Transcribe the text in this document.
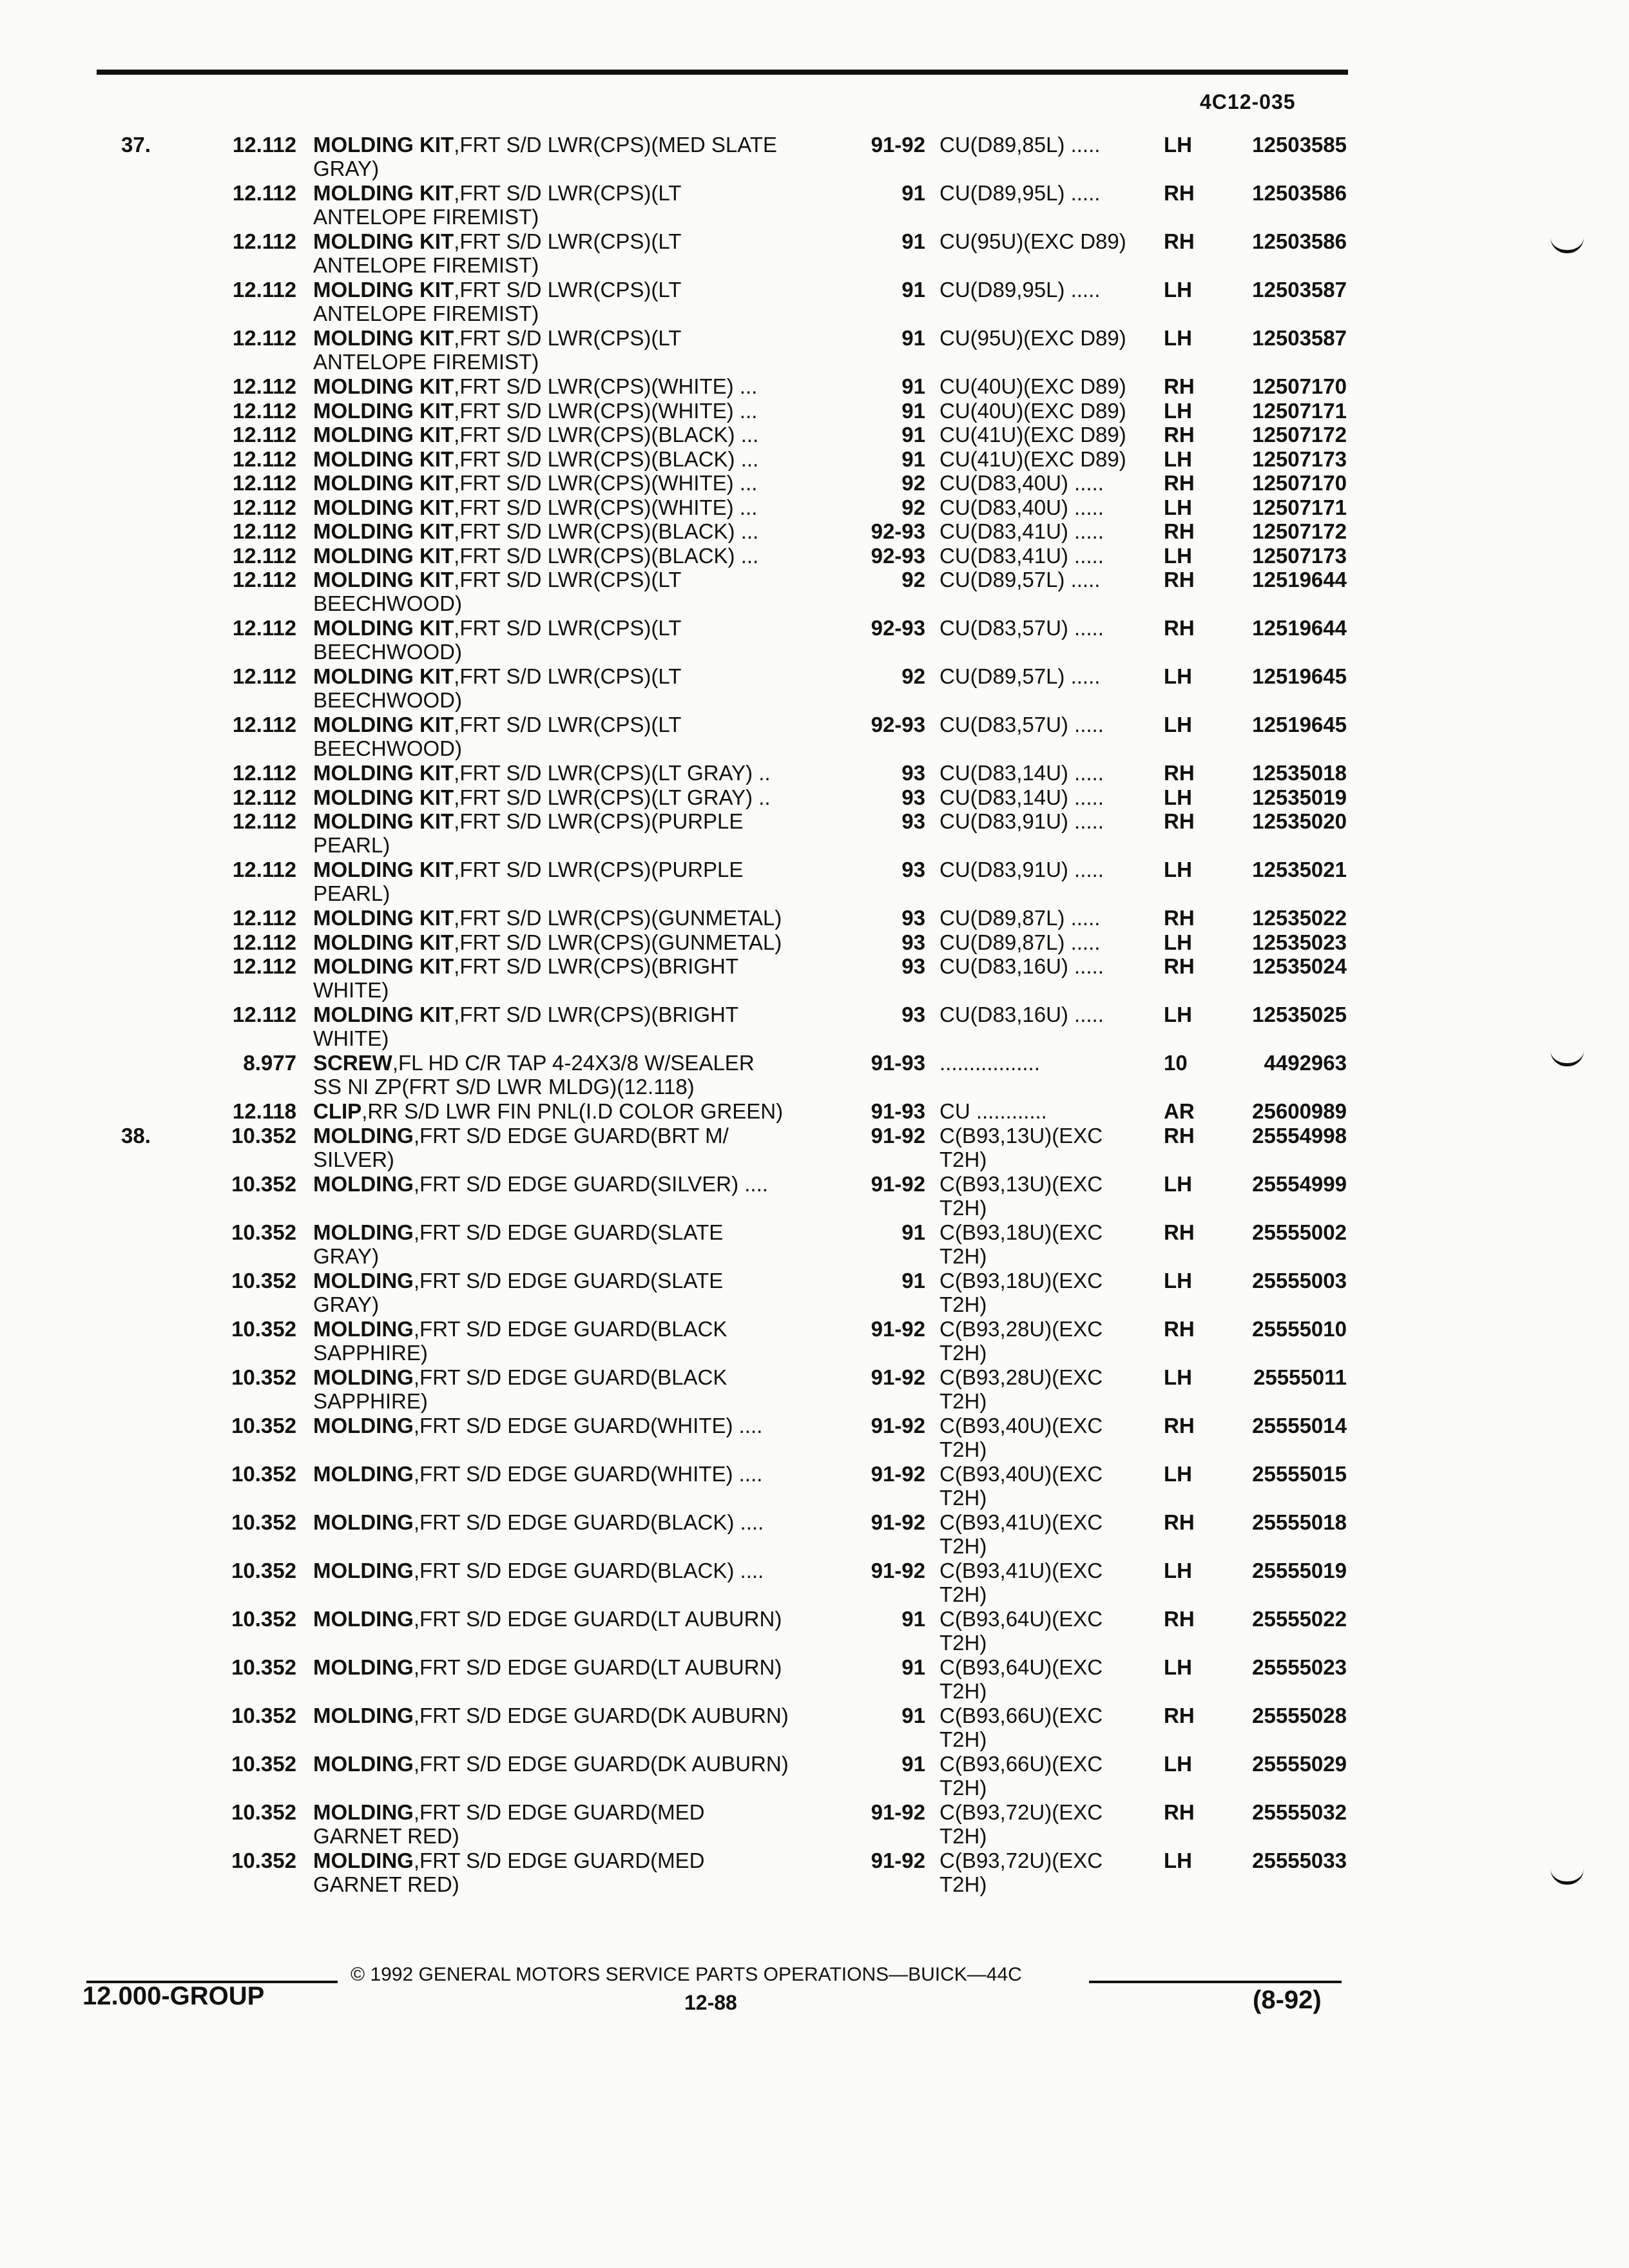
4C12-035
37.	12.112 MOLDING KIT,FRT S/D LWR(CPS)(MED SLATE
GRAY)
91-92 CU(D89,85L) .....	LH	12503585
12.112 MOLDING KIT,FRT S/D LWR(CPS)(LT
ANTELOPE FIREMIST)
91 CU(D89,95L) .....	RH	12503586
12.112 MOLDING KIT,FRT S/D LWR(CPS)(LT
ANTELOPE FIREMIST)
91 CU(95U)(EXC D89) RH	12503586
12.112 MOLDING KIT,FRT S/D LWR(CPS)(LT
ANTELOPE FIREMIST)
91 CU(D89,95L) .....	LH	12503587
12.112 MOLDING KIT,FRT S/D LWR(CPS)(LT
ANTELOPE FIREMIST)
91 CU(95U)(EXC D89) LH	12503587
12.112 MOLDING KIT,FRT S/D LWR(CPS)(WHITE) ...	91 CU(40U)(EXC D89) RH	12507170
12.112 MOLDING KIT,FRT S/D LWR(CPS)(WHITE) ...	91 CU(40U)(EXC D89) LH	12507171
12.112 MOLDING KIT,FRT S/D LWR(CPS)(BLACK) ...	91 CU(41U)(EXC D89) RH	12507172
12.112 MOLDING KIT,FRT S/D LWR(CPS)(BLACK) ...	91 CU(41U)(EXC D89) LH	12507173
12.112 MOLDING KIT,FRT S/D LWR(CPS)(WHITE) ...	92 CU(D83,40U) .....	RH	12507170
12.112 MOLDING KIT,FRT S/D LWR(CPS)(WHITE) ...	92 CU(D83,40U) .....	LH	12507171
12.112 MOLDING KIT,FRT S/D LWR(CPS)(BLACK) ...	92-93 CU(D83,41U) .....	RH	12507172
12.112 MOLDING KIT,FRT S/D LWR(CPS)(BLACK) ...	92-93 CU(D83,41U) .....	LH	12507173
12.112 MOLDING KIT,FRT S/D LWR(CPS)(LT
BEECHWOOD)
92 CU(D89,57L) .....	RH	12519644
12.112 MOLDING KIT,FRT S/D LWR(CPS)(LT
BEECHWOOD)
92-93 CU(D83,57U) .....	RH	12519644
12.112 MOLDING KIT,FRT S/D LWR(CPS)(LT
BEECHWOOD)
92 CU(D89,57L) .....	LH	12519645
12.112 MOLDING KIT,FRT S/D LWR(CPS)(LT
BEECHWOOD)
92-93 CU(D83,57U) .....	LH	12519645
12.112 MOLDING KIT,FRT S/D LWR(CPS)(LT GRAY) ..	93 CU(D83,14U) .....	RH	12535018
12.112 MOLDING KIT,FRT S/D LWR(CPS)(LT GRAY) ..	93 CU(D83,14U) .....	LH	12535019
12.112 MOLDING KIT,FRT S/D LWR(CPS)(PURPLE
PEARL)
93 CU(D83,91U) .....	RH	12535020
12.112 MOLDING KIT,FRT S/D LWR(CPS)(PURPLE
PEARL)
93 CU(D83,91U) .....	LH	12535021
12.112 MOLDING KIT,FRT S/D LWR(CPS)(GUNMETAL)	93 CU(D89,87L) .....	RH	12535022
12.112 MOLDING KIT,FRT S/D LWR(CPS)(GUNMETAL)	93 CU(D89,87L) .....	LH	12535023
12.112 MOLDING KIT,FRT S/D LWR(CPS)(BRIGHT
WHITE)
93 CU(D83,16U) .....	RH	12535024
12.112 MOLDING KIT,FRT S/D LWR(CPS)(BRIGHT
WHITE)
93 CU(D83,16U) .....	LH	12535025
8.977 SCREW,FL HD C/R TAP 4-24X3/8 W/SEALER
SS NI ZP(FRT S/D LWR MLDG)(12.118)
91-93 .................	10	4492963
12.118 CLIP,RR S/D LWR FIN PNL(I.D COLOR GREEN)	91-93 CU ............	AR	25600989
38.	10.352 MOLDING,FRT S/D EDGE GUARD(BRT M/
SILVER)
91-92 C(B93,13U)(EXC
T2H)
RH	25554998
10.352 MOLDING,FRT S/D EDGE GUARD(SILVER) ....	91-92 C(B93,13U)(EXC
T2H)
LH	25554999
10.352 MOLDING,FRT S/D EDGE GUARD(SLATE
GRAY)
91 C(B93,18U)(EXC
T2H)
RH	25555002
10.352 MOLDING,FRT S/D EDGE GUARD(SLATE
GRAY)
91 C(B93,18U)(EXC
T2H)
LH	25555003
10.352 MOLDING,FRT S/D EDGE GUARD(BLACK
SAPPHIRE)
91-92 C(B93,28U)(EXC
T2H)
RH	25555010
10.352 MOLDING,FRT S/D EDGE GUARD(BLACK
SAPPHIRE)
91-92 C(B93,28U)(EXC
T2H)
LH	25555011
10.352 MOLDING,FRT S/D EDGE GUARD(WHITE) ....	91-92 C(B93,40U)(EXC
T2H)
RH	25555014
10.352 MOLDING,FRT S/D EDGE GUARD(WHITE) ....	91-92 C(B93,40U)(EXC
T2H)
LH	25555015
10.352 MOLDING,FRT S/D EDGE GUARD(BLACK) ....	91-92 C(B93,41U)(EXC
T2H)
RH	25555018
10.352 MOLDING,FRT S/D EDGE GUARD(BLACK) ....	91-92 C(B93,41U)(EXC
T2H)
LH	25555019
10.352 MOLDING,FRT S/D EDGE GUARD(LT AUBURN)	91 C(B93,64U)(EXC
T2H)
RH	25555022
10.352 MOLDING,FRT S/D EDGE GUARD(LT AUBURN)	91 C(B93,64U)(EXC
T2H)
LH	25555023
10.352 MOLDING,FRT S/D EDGE GUARD(DK AUBURN)	91 C(B93,66U)(EXC
T2H)
RH	25555028
10.352 MOLDING,FRT S/D EDGE GUARD(DK AUBURN)	91 C(B93,66U)(EXC
T2H)
LH	25555029
10.352 MOLDING,FRT S/D EDGE GUARD(MED
GARNET RED)
91-92 C(B93,72U)(EXC
T2H)
RH	25555032
10.352 MOLDING,FRT S/D EDGE GUARD(MED
GARNET RED)
91-92 C(B93,72U)(EXC
T2H)
LH	25555033
© 1992 GENERAL MOTORS SERVICE PARTS OPERATIONS—BUICK—44C
12.000-GROUP	12-88	(8-92)
